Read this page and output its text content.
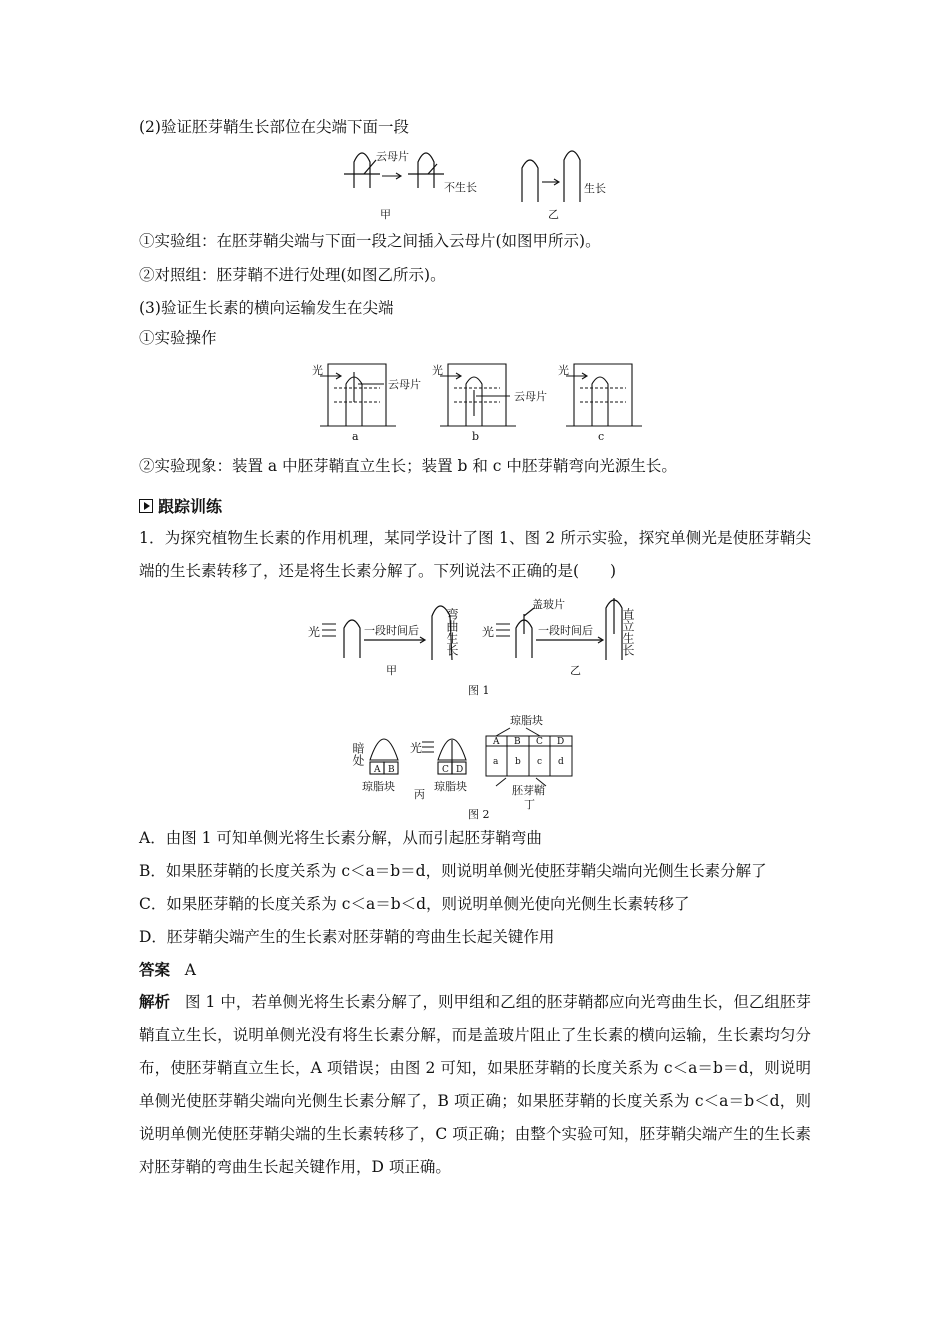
(2)验证胚芽鞘生长部位在尖端下面一段
云母片
不生长
甲
生长
乙
①实验组：在胚芽鞘尖端与下面一段之间插入云母片(如图甲所示)。
②对照组：胚芽鞘不进行处理(如图乙所示)。
(3)验证生长素的横向运输发生在尖端
①实验操作
光
云母片
a
光
云母片
b
光
c
②实验现象：装置 a 中胚芽鞘直立生长；装置 b 和 c 中胚芽鞘弯向光源生长。
跟踪训练
1．为探究植物生长素的作用机理，某同学设计了图 1、图 2 所示实验，探究单侧光是使胚芽鞘尖端的生长素转移了，还是将生长素分解了。下列说法不正确的是(　　)
光	一段时间后 弯曲生长
甲
光
盖玻片
一段时间后 直立生长
乙
图 1
暗处
A B
琼脂块
丙
光
C D
琼脂块
琼脂块
A B C D
a b c d
胚芽鞘
丁
图 2
A．由图 1 可知单侧光将生长素分解，从而引起胚芽鞘弯曲
B．如果胚芽鞘的长度关系为 c＜a＝b＝d，则说明单侧光使胚芽鞘尖端向光侧生长素分解了
C．如果胚芽鞘的长度关系为 c＜a＝b＜d，则说明单侧光使向光侧生长素转移了
D．胚芽鞘尖端产生的生长素对胚芽鞘的弯曲生长起关键作用
答案 A
解析 图 1 中，若单侧光将生长素分解了，则甲组和乙组的胚芽鞘都应向光弯曲生长，但乙组胚芽鞘直立生长，说明单侧光没有将生长素分解，而是盖玻片阻止了生长素的横向运输，生长素均匀分布，使胚芽鞘直立生长，A 项错误；由图 2 可知，如果胚芽鞘的长度关系为 c＜a＝b＝d，则说明单侧光使胚芽鞘尖端向光侧生长素分解了，B 项正确；如果胚芽鞘的长度关系为 c＜a＝b＜d，则说明单侧光使胚芽鞘尖端的生长素转移了，C 项正确；由整个实验可知，胚芽鞘尖端产生的生长素对胚芽鞘的弯曲生长起关键作用，D 项正确。
